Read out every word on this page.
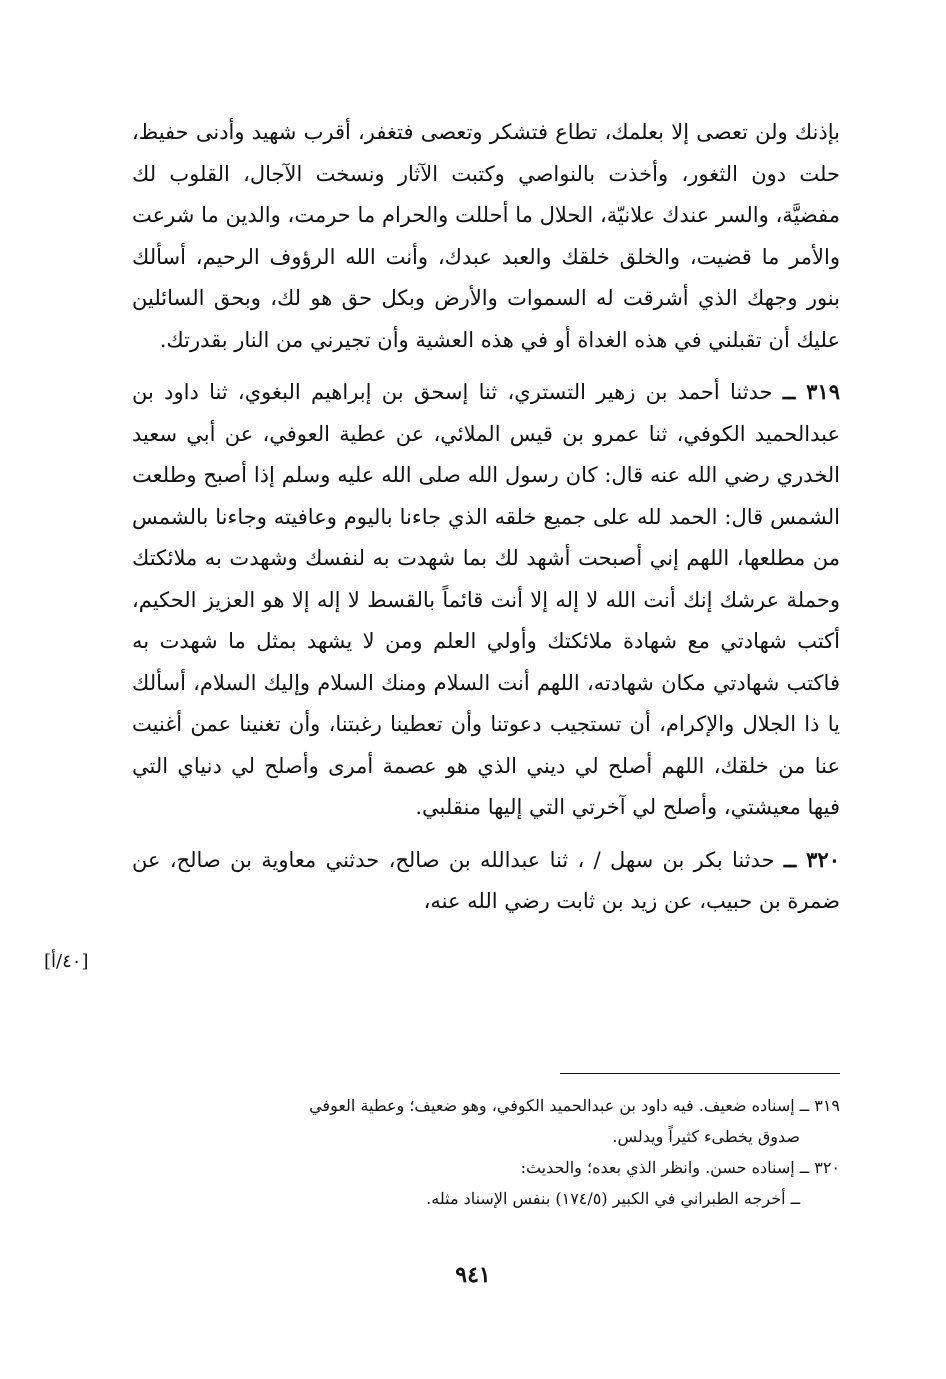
بإذنك ولن تعصى إلا بعلمك، تطاع فتشكر وتعصى فتغفر، أقرب شهيد وأدنى حفيظ، حلت دون الثغور، وأخذت بالنواصي وكتبت الآثار ونسخت الآجال، القلوب لك مفضيَّة، والسر عندك علانيّة، الحلال ما أحللت والحرام ما حرمت، والدين ما شرعت والأمر ما قضيت، والخلق خلقك والعبد عبدك، وأنت الله الرؤوف الرحيم، أسألك بنور وجهك الذي أشرقت له السموات والأرض وبكل حق هو لك، وبحق السائلين عليك أن تقبلني في هذه الغداة أو في هذه العشية وأن تجيرني من النار بقدرتك.

٣١٩ ــ حدثنا أحمد بن زهير التستري، ثنا إسحق بن إبراهيم البغوي، ثنا داود بن عبدالحميد الكوفي، ثنا عمرو بن قيس الملائي، عن عطية العوفي، عن أبي سعيد الخدري رضي الله عنه قال: كان رسول الله صلى الله عليه وسلم إذا أصبح وطلعت الشمس قال: الحمد لله على جميع خلقه الذي جاءنا باليوم وعافيته وجاءنا بالشمس من مطلعها، اللهم إني أصبحت أشهد لك بما شهدت به لنفسك وشهدت به ملائكتك وحملة عرشك إنك أنت الله لا إله إلا أنت قائماً بالقسط لا إله إلا هو العزيز الحكيم، أكتب شهادتي مع شهادة ملائكتك وأولي العلم ومن لا يشهد بمثل ما شهدت به فاكتب شهادتي مكان شهادته، اللهم أنت السلام ومنك السلام وإليك السلام، أسألك يا ذا الجلال والإكرام، أن تستجيب دعوتنا وأن تعطينا رغبتنا، وأن تغنينا عمن أغنيت عنا من خلقك، اللهم أصلح لي ديني الذي هو عصمة أمرى وأصلح لي دنياي التي فيها معيشتي، وأصلح لي آخرتي التي إليها منقلبي.

٣٢٠ ــ حدثنا بكر بن سهل / ، ثنا عبدالله بن صالح، حدثني معاوية بن صالح، عن ضمرة بن حبيب، عن زيد بن ثابت رضي الله عنه،

[٤٠/أ]

٣١٩ ــ إسناده ضعيف. فيه داود بن عبدالحميد الكوفي، وهو ضعيف؛ وعطية العوفي

صدوق يخطىء كثيراً ويدلس.

٣٢٠ ــ إسناده حسن. وانظر الذي بعده؛ والحديث:

ــ أخرجه الطبراني في الكبير (١٧٤/٥) بنفس الإسناد مثله.

٩٤١
